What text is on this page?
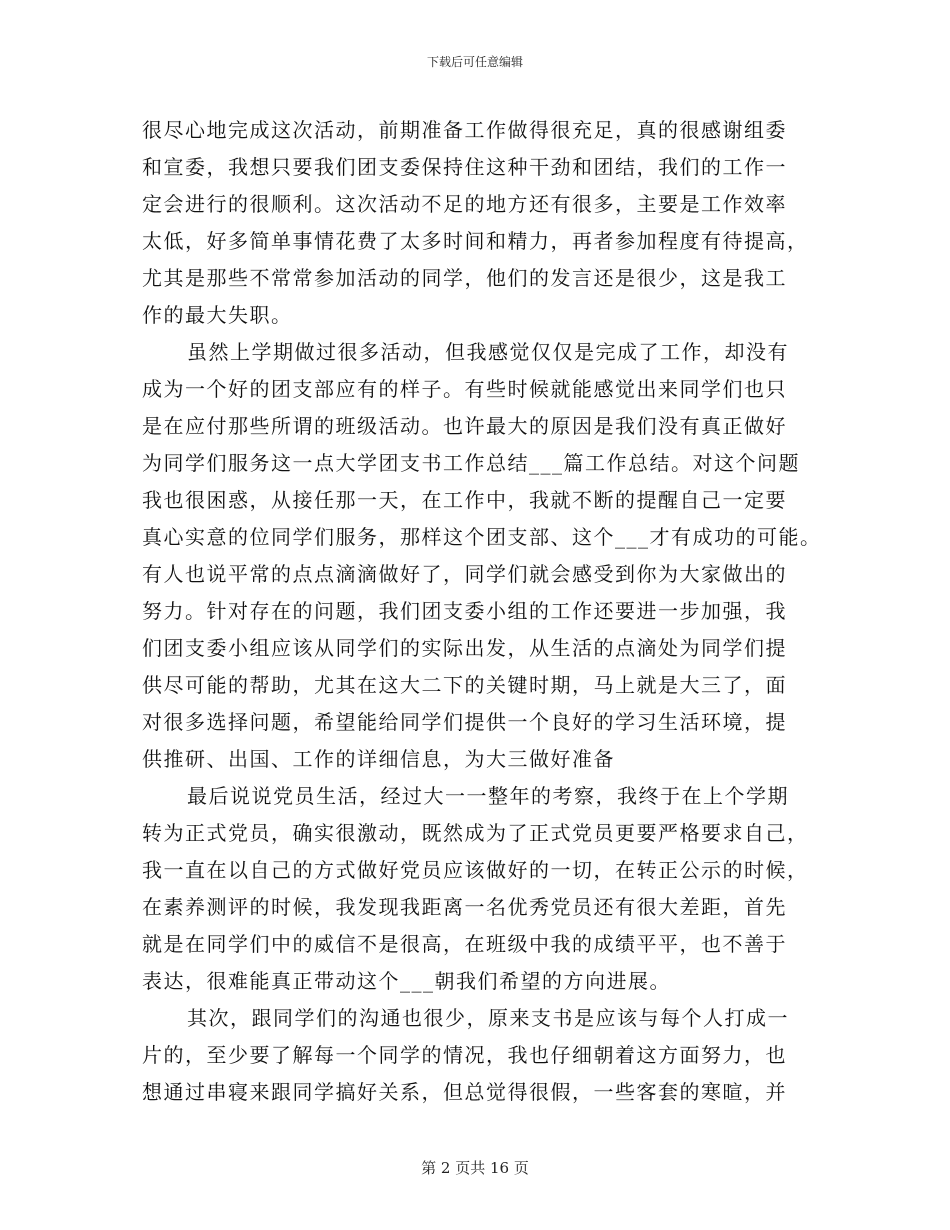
下载后可任意编辑
很尽心地完成这次活动，前期准备工作做得很充足，真的很感谢组委
和宣委，我想只要我们团支委保持住这种干劲和团结，我们的工作一
定会进行的很顺利。这次活动不足的地方还有很多，主要是工作效率
太低，好多简单事情花费了太多时间和精力，再者参加程度有待提高，
尤其是那些不常常参加活动的同学，他们的发言还是很少，这是我工
作的最大失职。
虽然上学期做过很多活动，但我感觉仅仅是完成了工作，却没有
成为一个好的团支部应有的样子。有些时候就能感觉出来同学们也只
是在应付那些所谓的班级活动。也许最大的原因是我们没有真正做好
为同学们服务这一点大学团支书工作总结___篇工作总结。对这个问题
我也很困惑，从接任那一天，在工作中，我就不断的提醒自己一定要
真心实意的位同学们服务，那样这个团支部、这个___才有成功的可能。
有人也说平常的点点滴滴做好了，同学们就会感受到你为大家做出的
努力。针对存在的问题，我们团支委小组的工作还要进一步加强，我
们团支委小组应该从同学们的实际出发，从生活的点滴处为同学们提
供尽可能的帮助，尤其在这大二下的关键时期，马上就是大三了，面
对很多选择问题，希望能给同学们提供一个良好的学习生活环境，提
供推研、出国、工作的详细信息，为大三做好准备
最后说说党员生活，经过大一一整年的考察，我终于在上个学期
转为正式党员，确实很激动，既然成为了正式党员更要严格要求自己，
我一直在以自己的方式做好党员应该做好的一切，在转正公示的时候，
在素养测评的时候，我发现我距离一名优秀党员还有很大差距，首先
就是在同学们中的威信不是很高，在班级中我的成绩平平，也不善于
表达，很难能真正带动这个___朝我们希望的方向进展。
其次，跟同学们的沟通也很少，原来支书是应该与每个人打成一
片的，至少要了解每一个同学的情况，我也仔细朝着这方面努力，也
想通过串寝来跟同学搞好关系，但总觉得很假，一些客套的寒暄，并
第 2 页共 16 页
